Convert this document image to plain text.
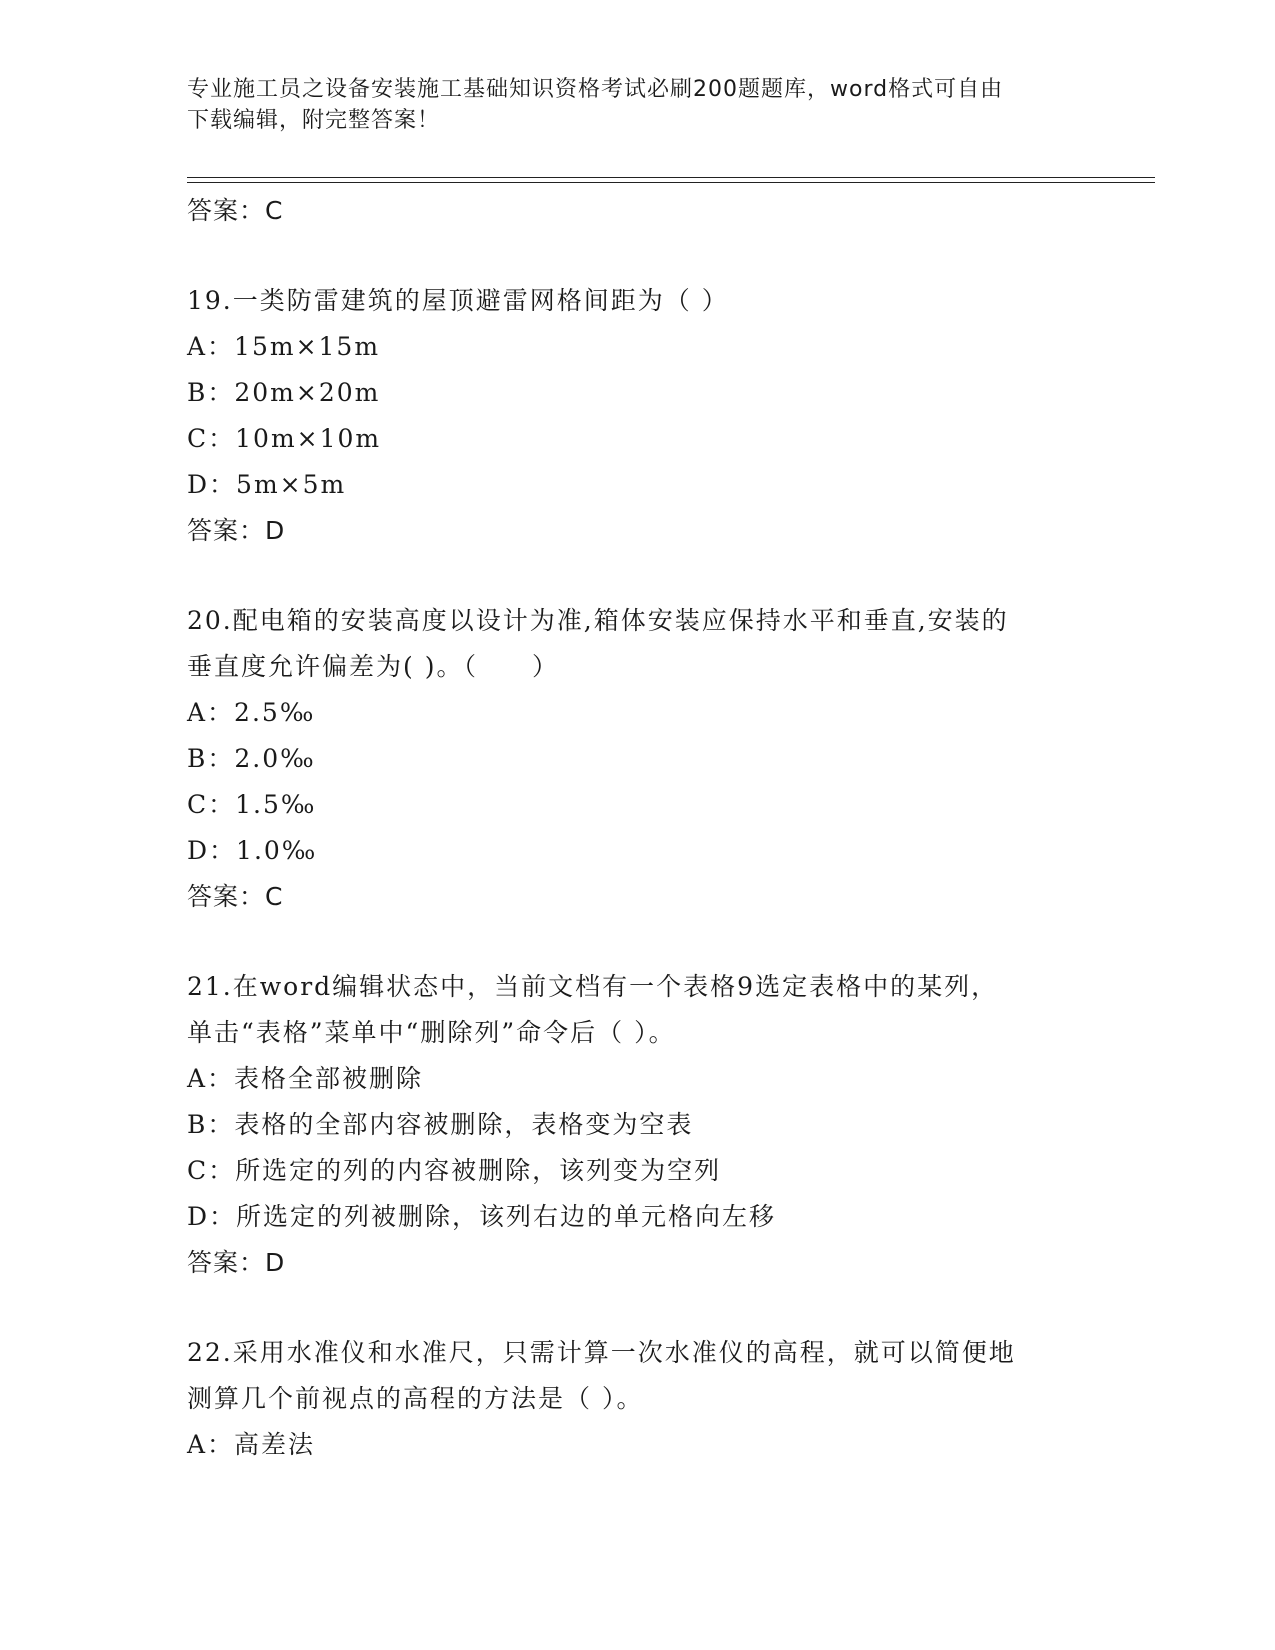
专业施工员之设备安装施工基础知识资格考试必刷200题题库，word格式可自由
下载编辑，附完整答案！
答案：C
19.一类防雷建筑的屋顶避雷网格间距为（ ）
A：15m×15m
B：20m×20m
C：10m×10m
D：5m×5m
答案：D
20.配电箱的安装高度以设计为准,箱体安装应保持水平和垂直,安装的
垂直度允许偏差为( )。（　　）
A：2.5‰
B：2.0‰
C：1.5‰
D：1.0‰
答案：C
21.在word编辑状态中，当前文档有一个表格9选定表格中的某列，
单击“表格”菜单中“删除列”命令后（ ）。
A：表格全部被删除
B：表格的全部内容被删除，表格变为空表
C：所选定的列的内容被删除，该列变为空列
D：所选定的列被删除，该列右边的单元格向左移
答案：D
22.采用水准仪和水准尺，只需计算一次水准仪的高程，就可以简便地
测算几个前视点的高程的方法是（ ）。
A：高差法
